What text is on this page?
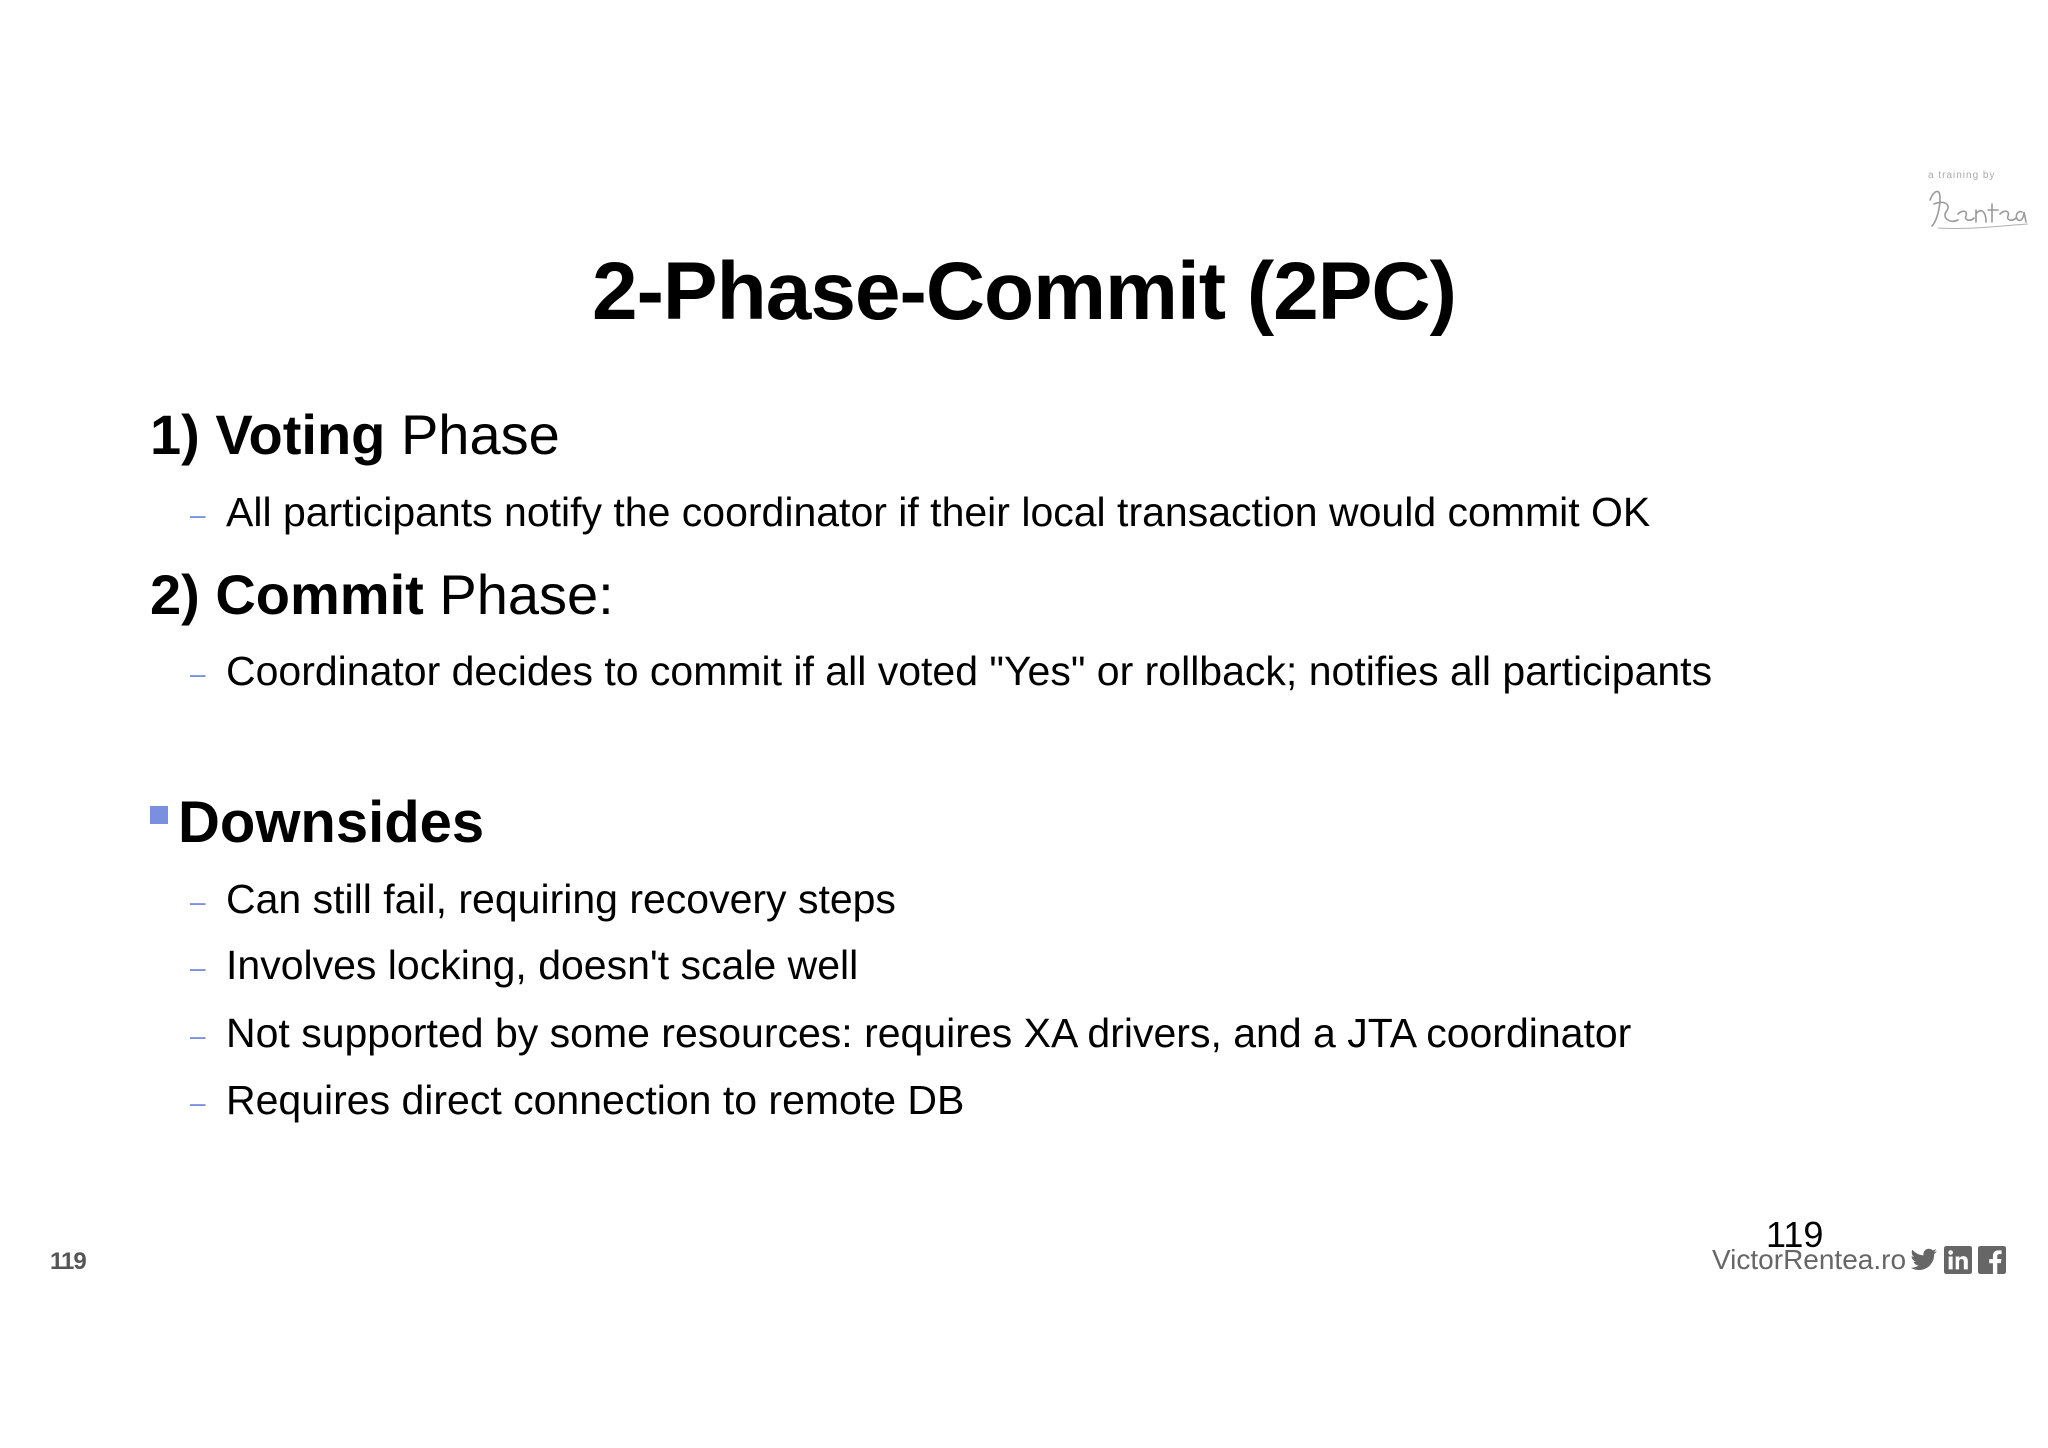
a training by
2-Phase-Commit (2PC)
1) Voting Phase
– All participants notify the coordinator if their local transaction would commit OK
2) Commit Phase:
– Coordinator decides to commit if all voted "Yes" or rollback; notifies all participants
Downsides
– Can still fail, requiring recovery steps
– Involves locking, doesn't scale well
– Not supported by some resources: requires XA drivers, and a JTA coordinator
– Requires direct connection to remote DB
119
119
VictorRentea.ro
